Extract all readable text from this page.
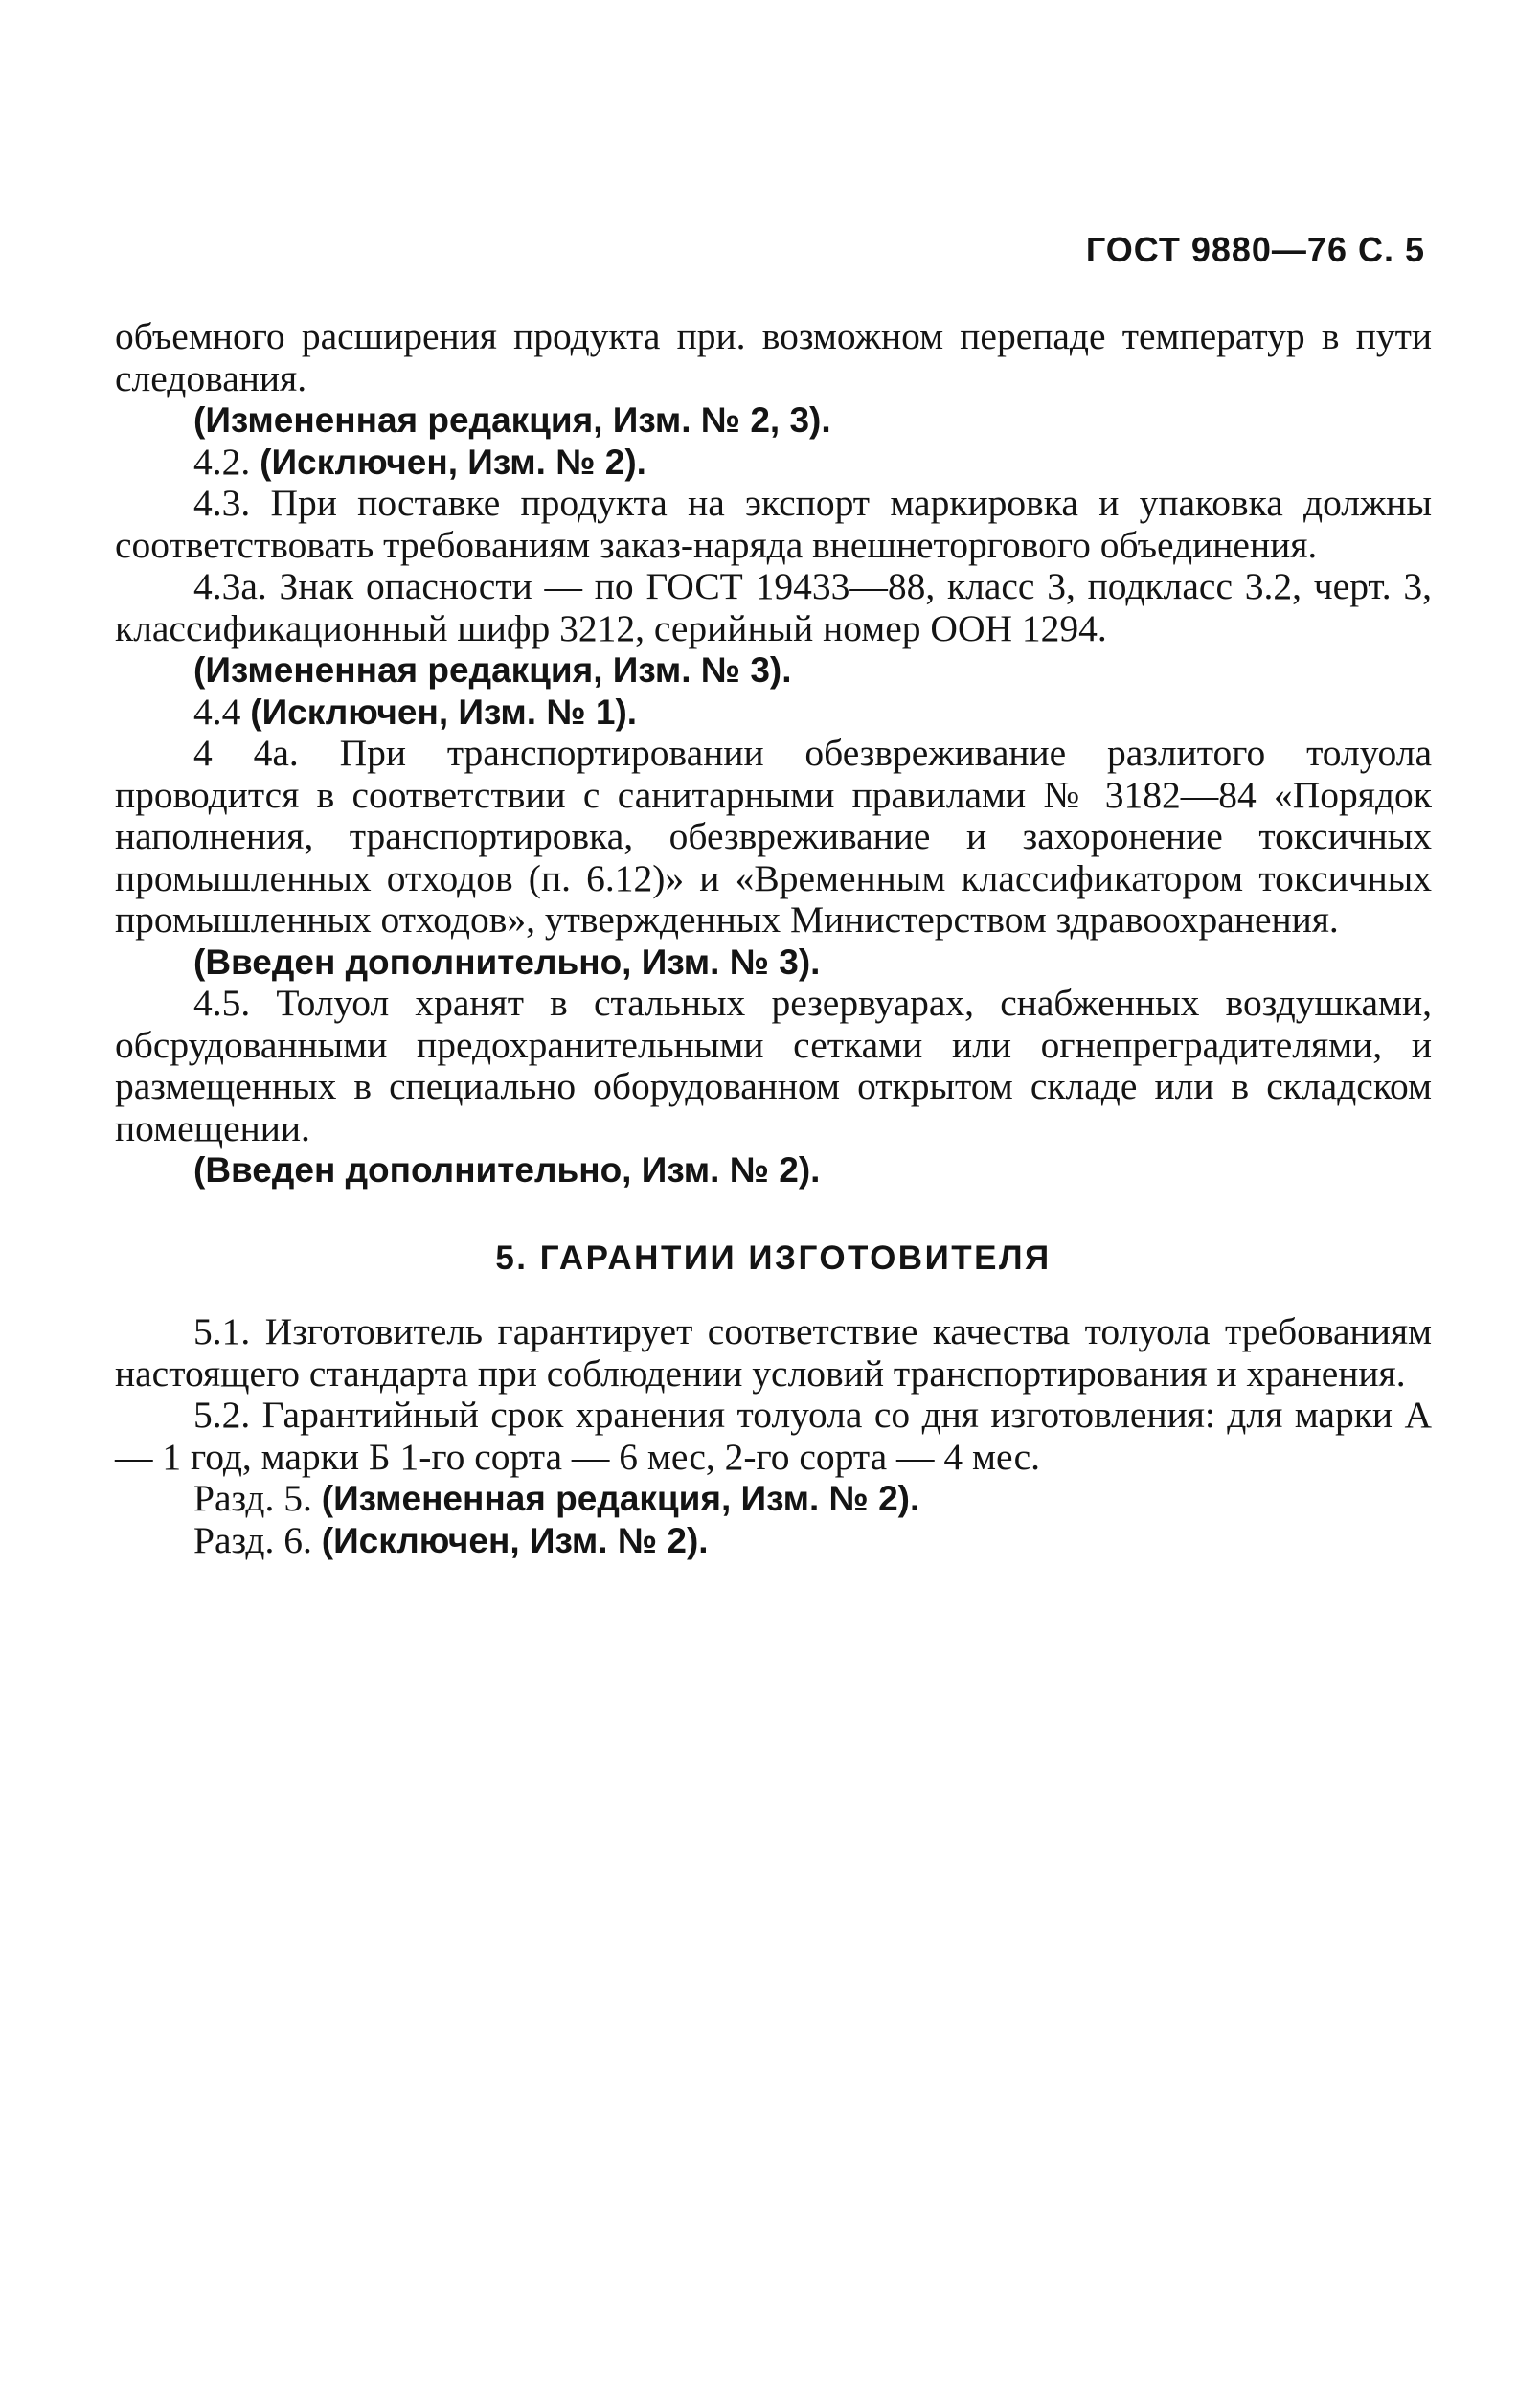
ГОСТ 9880—76 С. 5

объемного расширения продукта при. возможном перепаде температур в пути следования.

(Измененная редакция, Изм. № 2, 3).

4.2. (Исключен, Изм. № 2).

4.3. При поставке продукта на экспорт маркировка и упаковка должны соответствовать требованиям заказ-наряда внешнеторгового объединения.

4.3а. Знак опасности — по ГОСТ 19433—88, класс 3, подкласс 3.2, черт. 3, классификационный шифр 3212, серийный номер ООН 1294.

(Измененная редакция, Изм. № 3).

4.4 (Исключен, Изм. № 1).

4 4а. При транспортировании обезвреживание разлитого толуола проводится в соответствии с санитарными правилами № 3182—84 «Порядок наполнения, транспортировка, обезвреживание и захоронение токсичных промышленных отходов (п. 6.12)» и «Временным классификатором токсичных промышленных отходов», утвержденных Министерством здравоохранения.

(Введен дополнительно, Изм. № 3).

4.5. Толуол хранят в стальных резервуарах, снабженных воздушками, обсрудованными предохранительными сетками или огнепреградителями, и размещенных в специально оборудованном открытом складе или в складском помещении.

(Введен дополнительно, Изм. № 2).

5. ГАРАНТИИ ИЗГОТОВИТЕЛЯ

5.1. Изготовитель гарантирует соответствие качества толуола требованиям настоящего стандарта при соблюдении условий транспортирования и хранения.

5.2. Гарантийный срок хранения толуола со дня изготовления: для марки А — 1 год, марки Б 1-го сорта — 6 мес, 2-го сорта — 4 мес.

Разд. 5. (Измененная редакция, Изм. № 2).

Разд. 6. (Исключен, Изм. № 2).
